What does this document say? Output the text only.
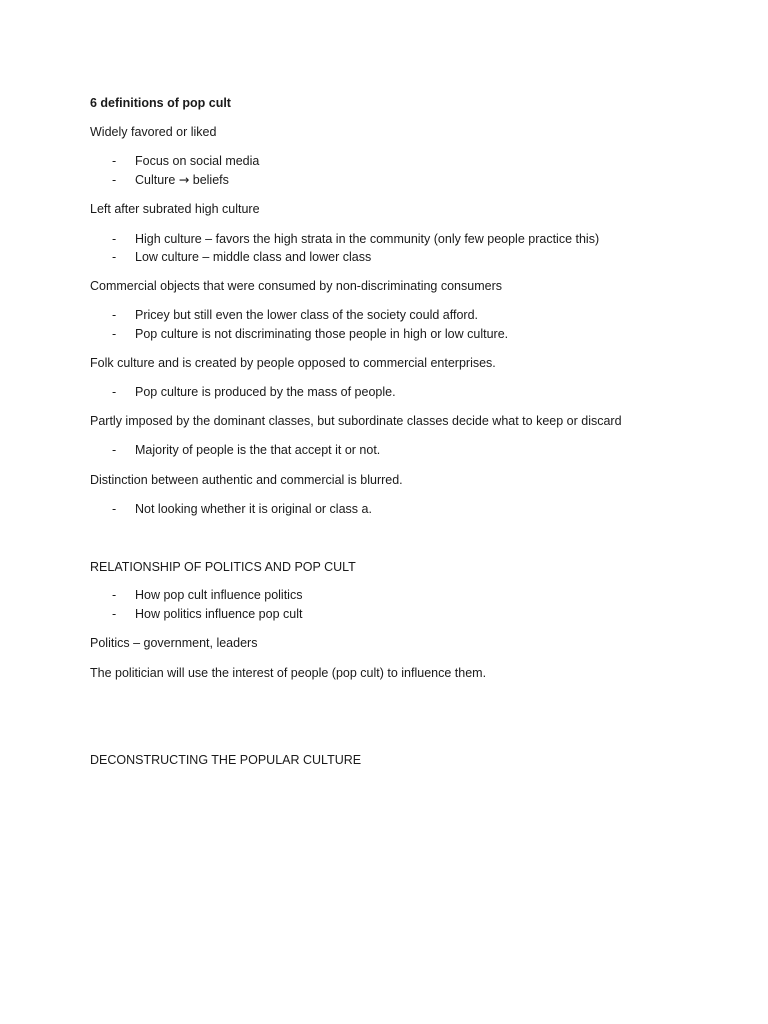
6 definitions of pop cult
Widely favored or liked
- Focus on social media
- Culture → beliefs
Left after subrated high culture
- High culture – favors the high strata in the community (only few people practice this)
- Low culture – middle class and lower class
Commercial objects that were consumed by non-discriminating consumers
- Pricey but still even the lower class of the society could afford.
- Pop culture is not discriminating those people in high or low culture.
Folk culture and is created by people opposed to commercial enterprises.
- Pop culture is produced by the mass of people.
Partly imposed by the dominant classes, but subordinate classes decide what to keep or discard
- Majority of people is the that accept it or not.
Distinction between authentic and commercial is blurred.
- Not looking whether it is original or class a.
RELATIONSHIP OF POLITICS AND POP CULT
- How pop cult influence politics
- How politics influence pop cult
Politics – government, leaders
The politician will use the interest of people (pop cult) to influence them.
DECONSTRUCTING THE POPULAR CULTURE
